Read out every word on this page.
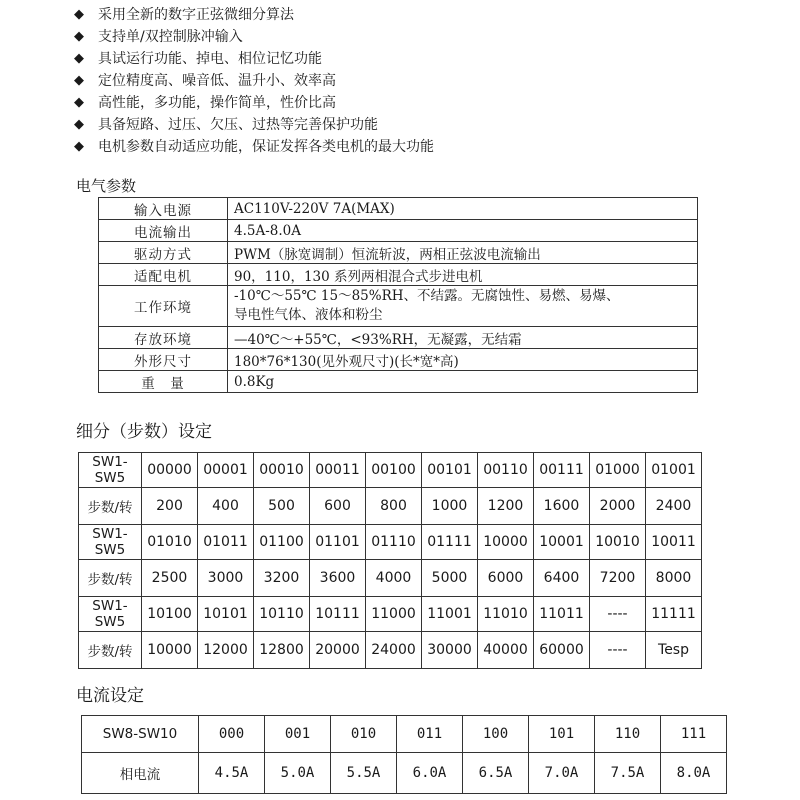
◆	采用全新的数字正弦微细分算法
◆	支持单/双控制脉冲输入
◆	具试运行功能、掉电、相位记忆功能
◆	定位精度高、噪音低、温升小、效率高
◆	高性能，多功能，操作简单，性价比高
◆	具备短路、过压、欠压、过热等完善保护功能
◆	电机参数自动适应功能，保证发挥各类电机的最大功能
电气参数
输入电源	AC110V-220V 7A(MAX)
电流输出	4.5A-8.0A
驱动方式	PWM（脉宽调制）恒流斩波，两相正弦波电流输出
适配电机	90，110，130 系列两相混合式步进电机
工作环境	-10℃～55℃ 15～85%RH、不结露。无腐蚀性、易燃、易爆、
导电性气体、液体和粉尘

存放环境	—40℃～+55℃，<93%RH，无凝露，无结霜
外形尺寸	180*76*130(见外观尺寸)(长*宽*高)
重　量	0.8Kg
细分（步数）设定
SW1-SW5	00000	00001	00010	00011	00100	00101	00110	00111	01000	01001
步数/转	200	400	500	600	800	1000	1200	1600	2000	2400
SW1-SW5	01010	01011	01100	01101	01110	01111	10000	10001	10010	10011
步数/转	2500	3000	3200	3600	4000	5000	6000	6400	7200	8000
SW1-SW5	10100	10101	10110	10111	11000	11001	11010	11011	----	11111
步数/转	10000	12000	12800	20000	24000	30000	40000	60000	----	Tesp
电流设定
SW8-SW10	000	001	010	011	100	101	110	111
相电流	4.5A	5.0A	5.5A	6.0A	6.5A	7.0A	7.5A	8.0A
